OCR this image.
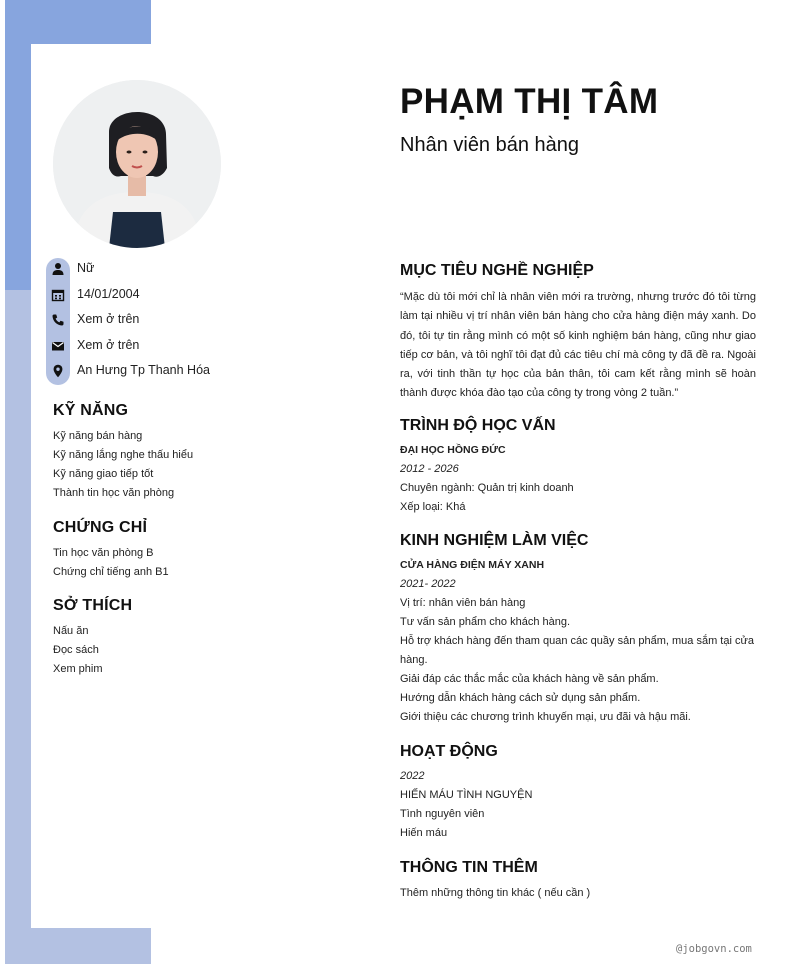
Nữ
14/01/2004
Xem ở trên
Xem ở trên
An Hưng Tp Thanh Hóa
KỸ NĂNG
Kỹ năng bán hàng
Kỹ năng lắng nghe thấu hiểu
Kỹ năng giao tiếp tốt
Thành tin học văn phòng
CHỨNG CHỈ
Tin học văn phòng B
Chứng chỉ tiếng anh B1
SỞ THÍCH
Nấu ăn
Đọc sách
Xem phim
PHẠM THỊ TÂM
Nhân viên bán hàng
MỤC TIÊU NGHỀ NGHIỆP

“Mặc dù tôi mới chỉ là nhân viên mới ra trường, nhưng trước đó tôi từng làm tại nhiều vị trí nhân viên bán hàng cho cửa hàng điện máy xanh. Do đó, tôi tự tin rằng mình có một số kinh nghiệm bán hàng, cũng như giao tiếp cơ bản, và tôi nghĩ tôi đạt đủ các tiêu chí mà công ty đã đề ra. Ngoài ra, với tinh thần tự học của bản thân, tôi cam kết rằng mình sẽ hoàn thành được khóa đào tạo của công ty trong vòng 2 tuần.”

TRÌNH ĐỘ HỌC VẤN
ĐẠI HỌC HỒNG ĐỨC
2012 - 2026
Chuyên ngành: Quản trị kinh doanh
Xếp loại: Khá
KINH NGHIỆM LÀM VIỆC
CỬA HÀNG ĐIỆN MÁY XANH
2021- 2022
Vị trí: nhân viên bán hàng
Tư vấn sản phẩm cho khách hàng.
Hỗ trợ khách hàng đến tham quan các quầy sản phẩm, mua sắm tại cửa hàng.
Giải đáp các thắc mắc của khách hàng về sản phẩm.
Hướng dẫn khách hàng cách sử dụng sản phẩm.
Giới thiệu các chương trình khuyến mại, ưu đãi và hậu mãi.
HOẠT ĐỘNG
2022
HIẾN MÁU TÌNH NGUYỆN
Tình nguyên viên
Hiến máu
THÔNG TIN THÊM
Thêm những thông tin khác ( nếu cần )
@jobgovn.com
